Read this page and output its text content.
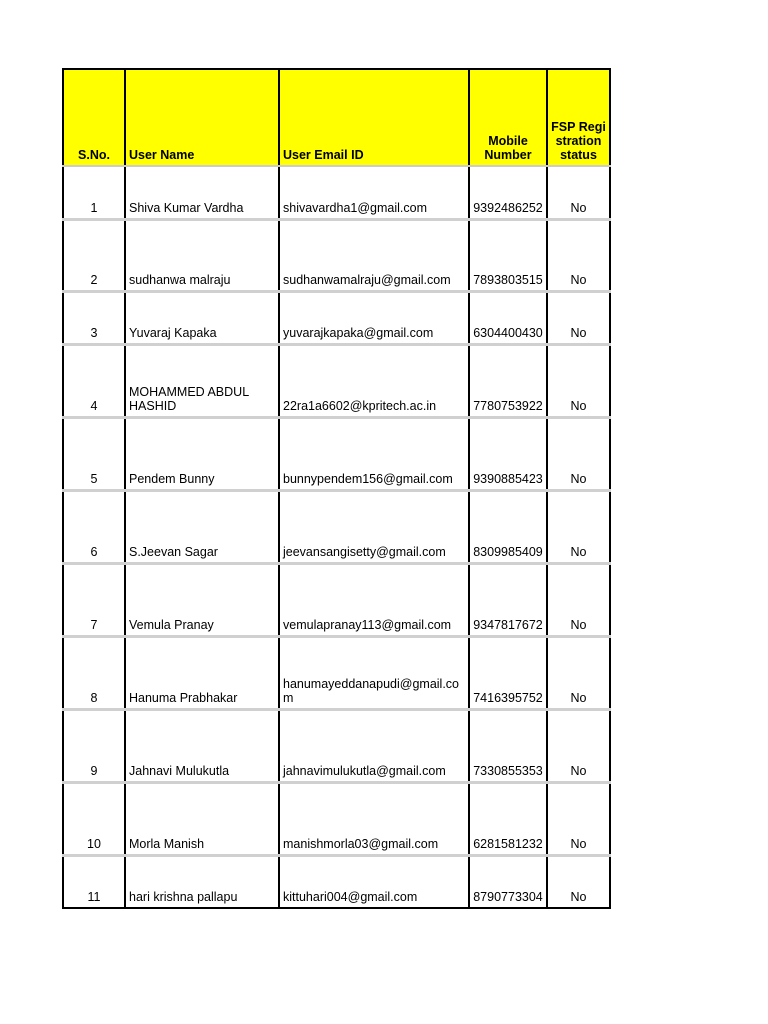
S.No.	User Name	User Email ID	Mobile Number	FSP Registration status
1	Shiva Kumar Vardha	shivavardha1@gmail.com	9392486252	No
2	sudhanwa malraju	sudhanwamalraju@gmail.com	7893803515	No
3	Yuvaraj Kapaka	yuvarajkapaka@gmail.com	6304400430	No
4	MOHAMMED ABDUL HASHID	22ra1a6602@kpritech.ac.in	7780753922	No
5	Pendem Bunny	bunnypendem156@gmail.com	9390885423	No
6	S.Jeevan Sagar	jeevansangisetty@gmail.com	8309985409	No
7	Vemula Pranay	vemulapranay113@gmail.com	9347817672	No
8	Hanuma Prabhakar	hanumayeddanapudi@gmail.com	7416395752	No
9	Jahnavi Mulukutla	jahnavimulukutla@gmail.com	7330855353	No
10	Morla Manish	manishmorla03@gmail.com	6281581232	No
11	hari krishna pallapu	kittuhari004@gmail.com	8790773304	No
